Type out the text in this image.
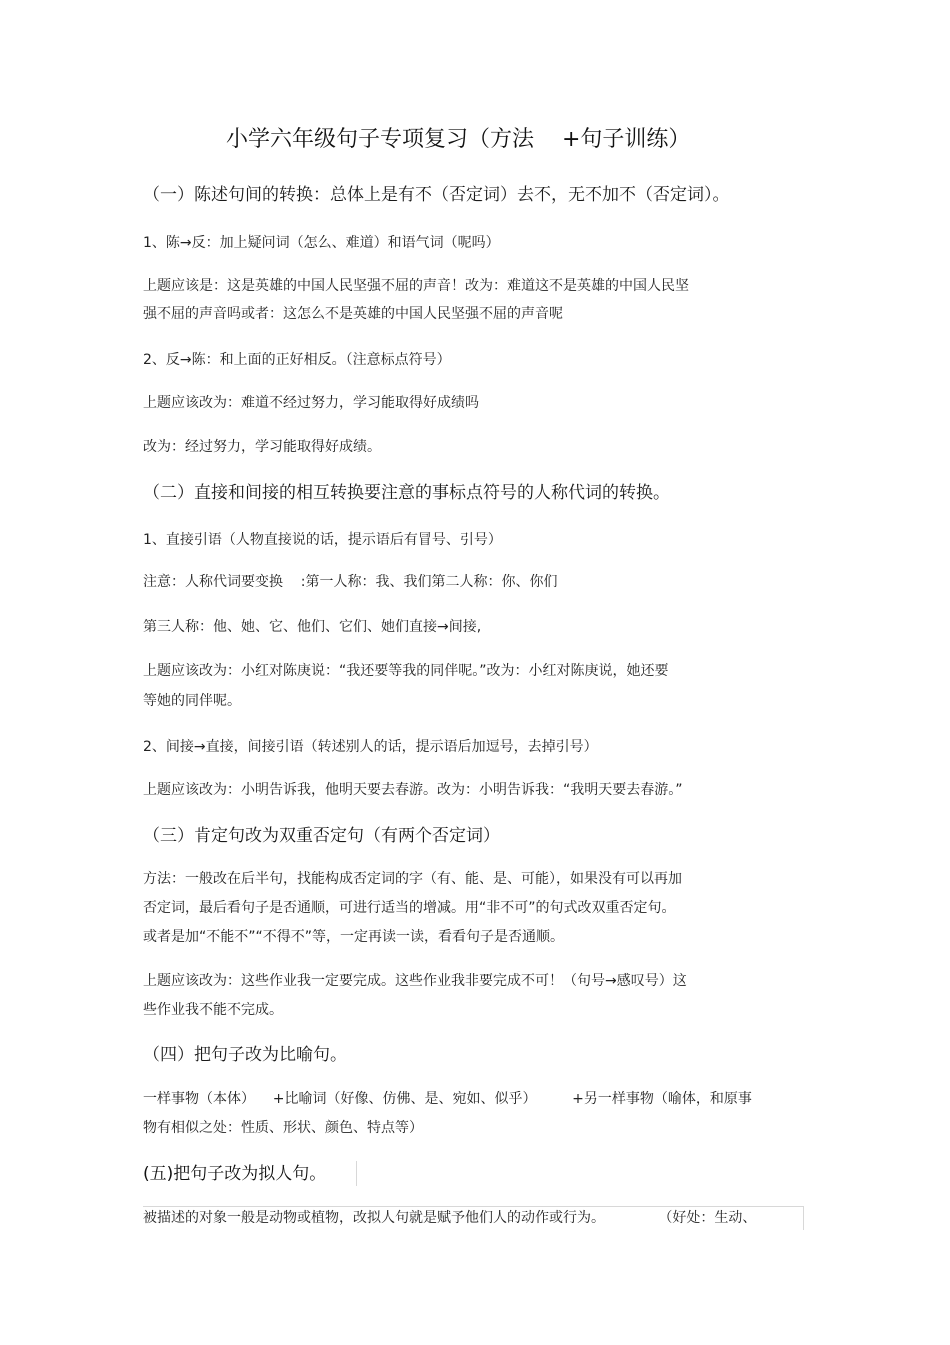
小学六年级句子专项复习（方法    +句子训练）

（一）陈述句间的转换：总体上是有不（否定词）去不，无不加不（否定词）。

1、陈→反：加上疑问词（怎么、难道）和语气词（呢吗）

上题应该是：这是英雄的中国人民坚强不屈的声音！改为：难道这不是英雄的中国人民坚

强不屈的声音吗或者：这怎么不是英雄的中国人民坚强不屈的声音呢

2、反→陈：和上面的正好相反。（注意标点符号）

上题应该改为：难道不经过努力，学习能取得好成绩吗

改为：经过努力，学习能取得好成绩。

（二）直接和间接的相互转换要注意的事标点符号的人称代词的转换。

1、直接引语（人物直接说的话，提示语后有冒号、引号）

注意：人称代词要变换    :第一人称：我、我们第二人称：你、你们

第三人称：他、她、它、他们、它们、她们直接→间接,

上题应该改为：小红对陈庚说：“我还要等我的同伴呢。”改为：小红对陈庚说，她还要

等她的同伴呢。

2、间接→直接，间接引语（转述别人的话，提示语后加逗号，去掉引号）

上题应该改为：小明告诉我，他明天要去春游。改为：小明告诉我：“我明天要去春游。”

（三）肯定句改为双重否定句（有两个否定词）

方法：一般改在后半句，找能构成否定词的字（有、能、是、可能），如果没有可以再加

否定词，最后看句子是否通顺，可进行适当的增减。用“非不可”的句式改双重否定句。

或者是加“不能不”“不得不”等，一定再读一读，看看句子是否通顺。

上题应该改为：这些作业我一定要完成。这些作业我非要完成不可！（句号→感叹号）这

些作业我不能不完成。

（四）把句子改为比喻句。

一样事物（本体）    +比喻词（好像、仿佛、是、宛如、似乎）        +另一样事物（喻体，和原事

物有相似之处：性质、形状、颜色、特点等）

(五)把句子改为拟人句。

被描述的对象一般是动物或植物，改拟人句就是赋予他们人的动作或行为。            （好处：生动、
